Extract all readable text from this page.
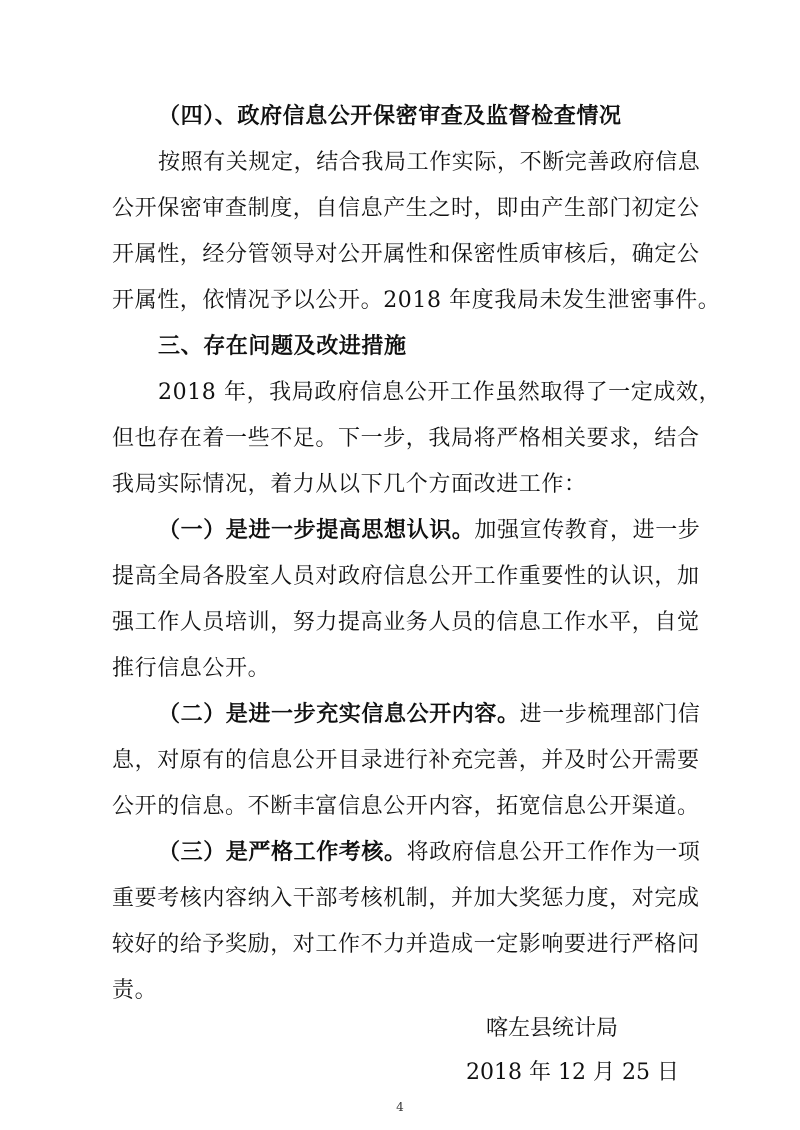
（四）、政府信息公开保密审查及监督检查情况
按照有关规定，结合我局工作实际，不断完善政府信息
公开保密审查制度，自信息产生之时，即由产生部门初定公
开属性，经分管领导对公开属性和保密性质审核后，确定公
开属性，依情况予以公开。2018 年度我局未发生泄密事件。
三、存在问题及改进措施
2018 年，我局政府信息公开工作虽然取得了一定成效，
但也存在着一些不足。下一步，我局将严格相关要求，结合
我局实际情况，着力从以下几个方面改进工作：
（一）是进一步提高思想认识。加强宣传教育，进一步
提高全局各股室人员对政府信息公开工作重要性的认识，加
强工作人员培训，努力提高业务人员的信息工作水平，自觉
推行信息公开。
（二）是进一步充实信息公开内容。进一步梳理部门信
息，对原有的信息公开目录进行补充完善，并及时公开需要
公开的信息。不断丰富信息公开内容，拓宽信息公开渠道。
（三）是严格工作考核。将政府信息公开工作作为一项
重要考核内容纳入干部考核机制，并加大奖惩力度，对完成
较好的给予奖励，对工作不力并造成一定影响要进行严格问
责。
喀左县统计局
2018 年 12 月 25 日
4
